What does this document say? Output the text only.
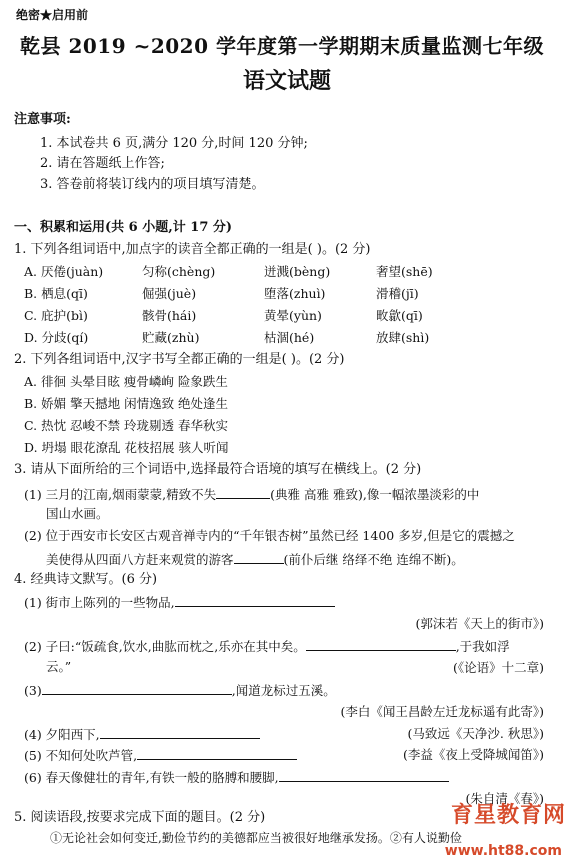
绝密★启用前
乾县 2019 ~2020 学年度第一学期期末质量监测七年级
语文试题
注意事项:
1. 本试卷共 6 页,满分 120 分,时间 120 分钟;
2. 请在答题纸上作答;
3. 答卷前将装订线内的项目填写清楚。
一、积累和运用(共 6 小题,计 17 分)
1. 下列各组词语中,加点字的读音全都正确的一组是( )。(2 分)
A. 厌倦(juàn)	匀称(chèng)	迸溅(bèng)	奢望(shē)
B. 栖息(qī)	倔强(juè)	堕落(zhuì)	滑稽(jī)
C. 庇护(bì)	骸骨(hái)	黄晕(yùn)	畋歙(qī)
D. 分歧(qí)	贮藏(zhù)	枯涸(hé)	放肆(shì)
2. 下列各组词语中,汉字书写全都正确的一组是( )。(2 分)
A. 徘徊 头晕目眩 瘦骨嶙峋 险象跌生
B. 娇媚 擎天撼地 闲情逸致 绝处逢生
C. 热忱 忍峻不禁 玲珑剔透 春华秋实
D. 坍塌 眼花潦乱 花枝招展 骇人听闻
3. 请从下面所给的三个词语中,选择最符合语境的填写在横线上。(2 分)
(1) 三月的江南,烟雨蒙蒙,精致不失	(典雅 高雅 雅致),像一幅浓墨淡彩的中
国山水画。
(2) 位于西安市长安区古观音禅寺内的“千年银杏树”虽然已经 1400 多岁,但是它的震撼之
美使得从四面八方赶来观赏的游客	(前仆后继 络绎不绝 连绵不断)。
4. 经典诗文默写。(6 分)
(1) 街市上陈列的一些物品,
(郭沫若《天上的街市》)
(2) 子曰:“饭疏食,饮水,曲肱而枕之,乐亦在其中矣。	,于我如浮
云。”	(《论语》十二章)
(3)	,闻道龙标过五溪。
(李白《闻王昌龄左迁龙标遥有此寄》)
(4) 夕阳西下,	(马致远《天净沙. 秋思》)
(5) 不知何处吹芦管,	(李益《夜上受降城闻笛》)
(6) 春天像健壮的青年,有铁一般的胳膊和腰脚,
(朱自清《春》)
5. 阅读语段,按要求完成下面的题目。(2 分)
①无论社会如何变迁,勤俭节约的美德都应当被很好地继承发扬。②有人说勤俭
育星教育网
www.ht88.com
